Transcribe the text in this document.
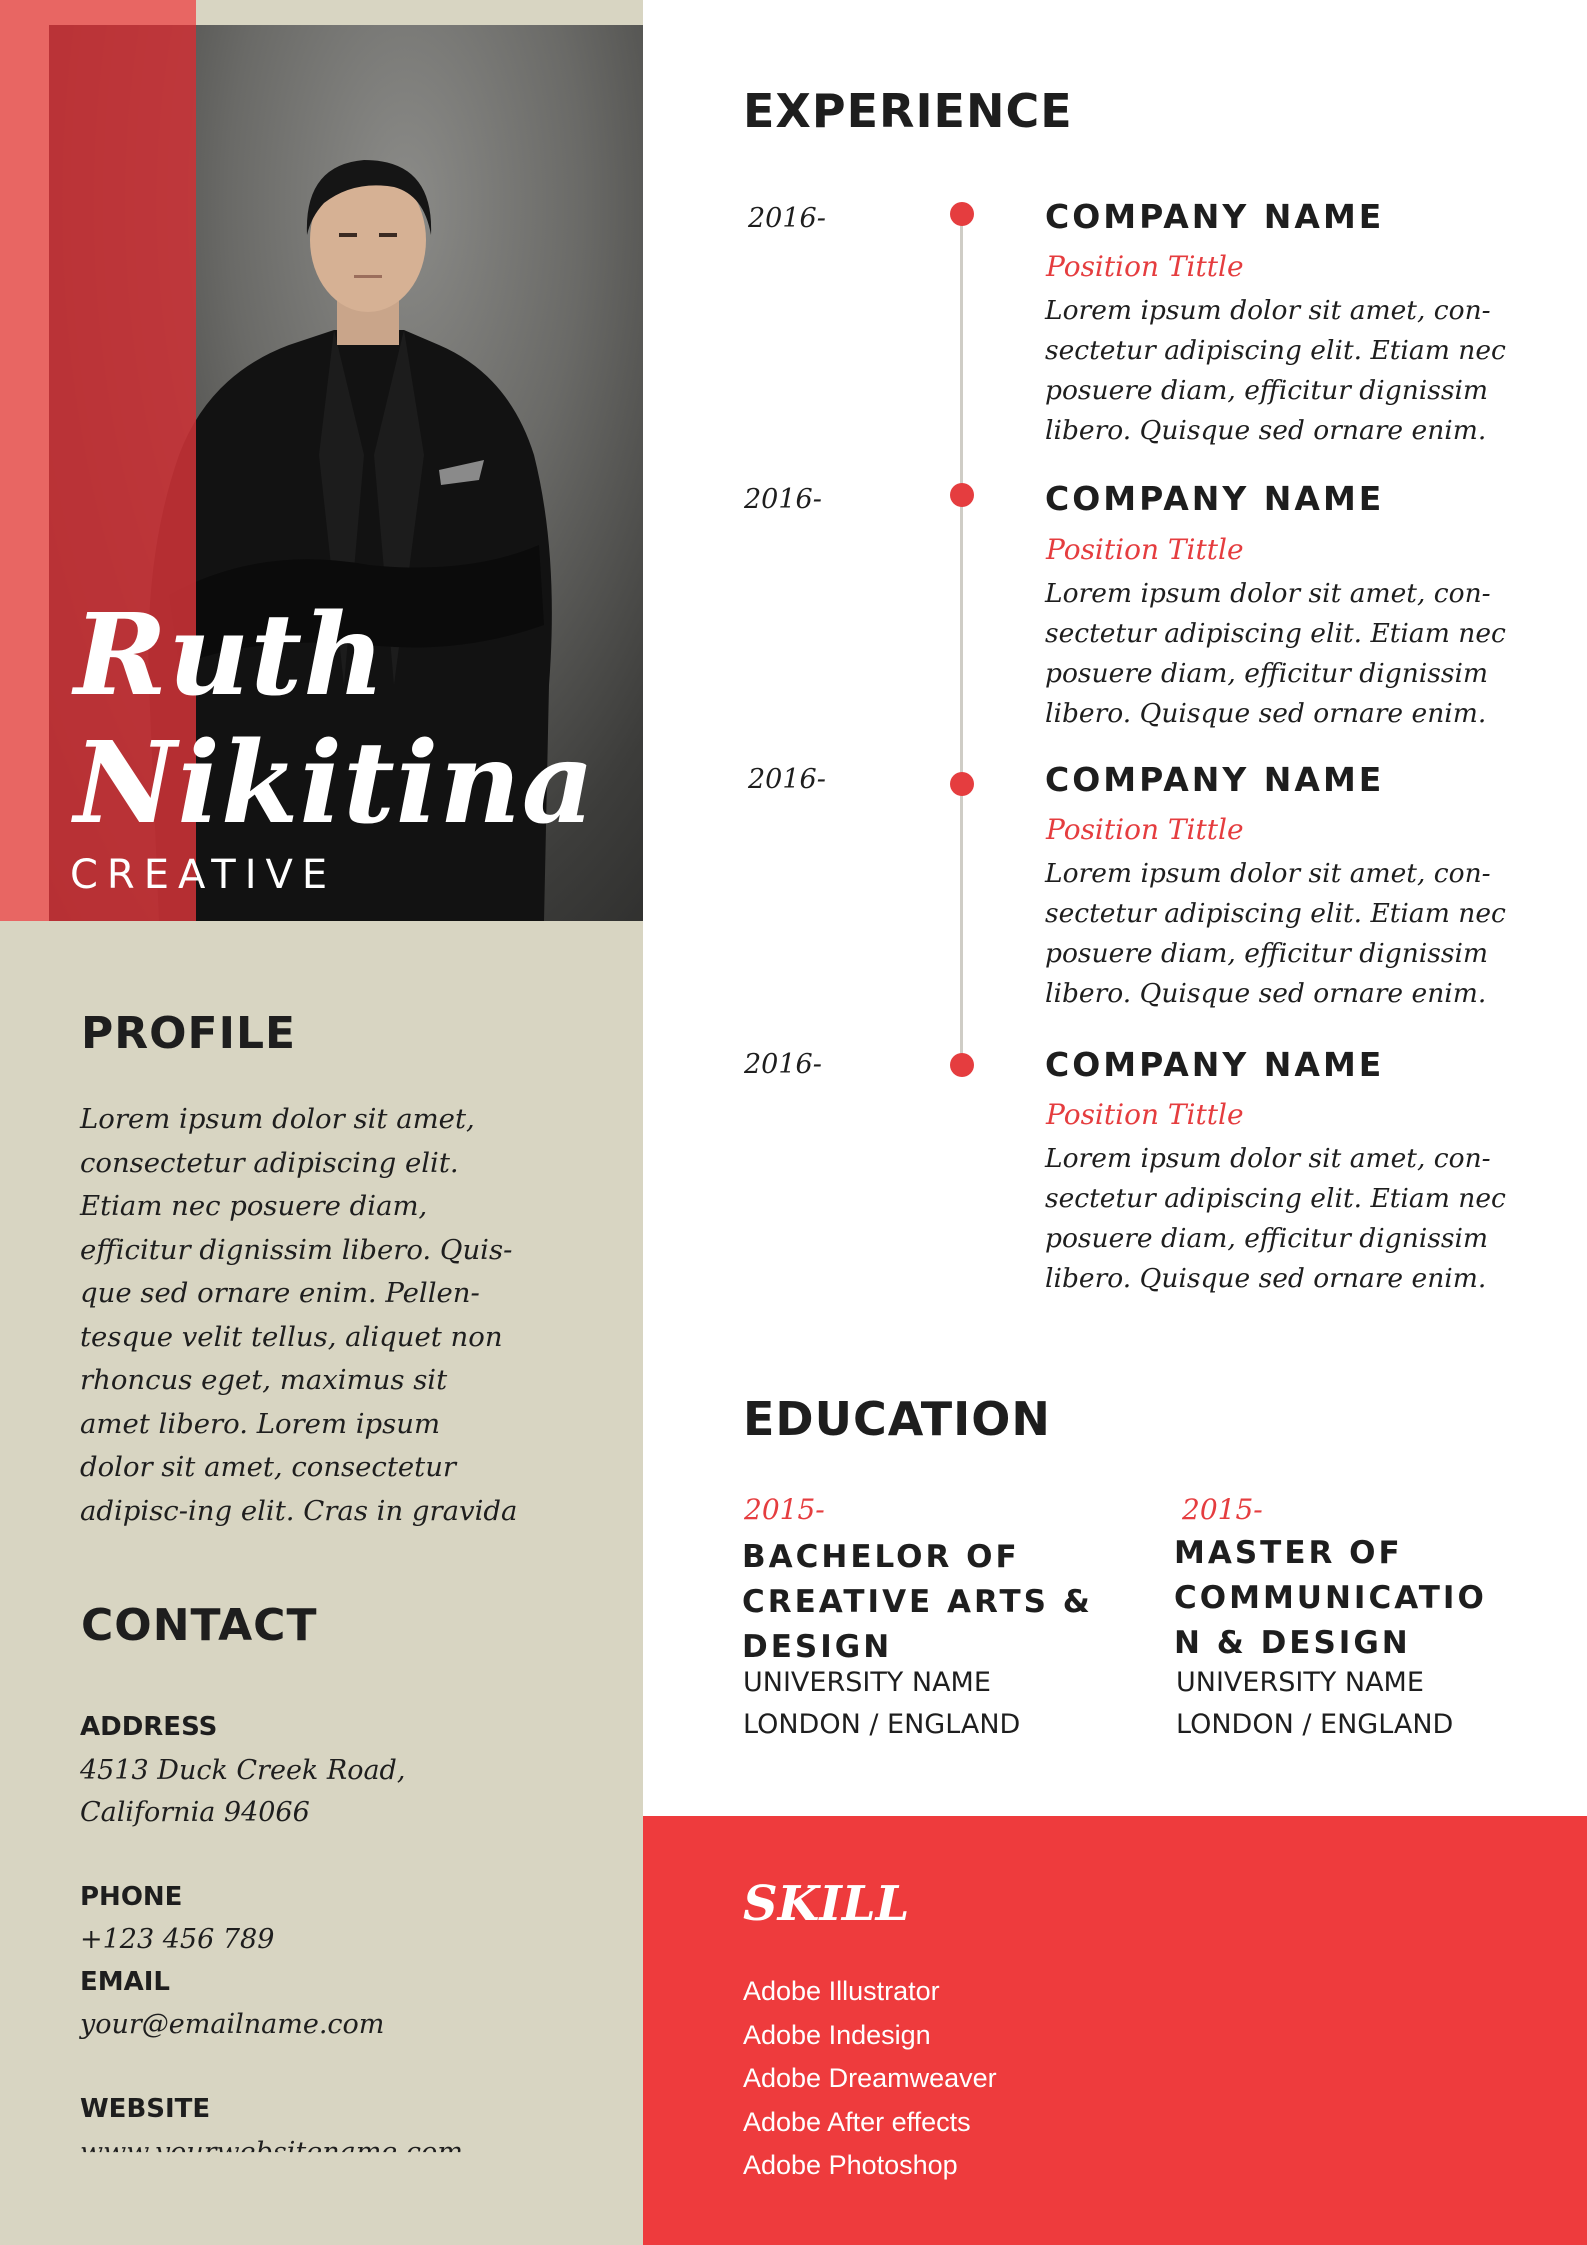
Ruth
Nikitina
CREATIVE
PROFILE
Lorem ipsum dolor sit amet,
consectetur adipiscing elit.
Etiam nec posuere diam,
efficitur dignissim libero. Quis-
que sed ornare enim. Pellen-
tesque velit tellus, aliquet non
rhoncus eget, maximus sit
amet libero. Lorem ipsum
dolor sit amet, consectetur
adipisc-ing elit. Cras in gravida
CONTACT
ADDRESS
4513 Duck Creek Road,
California 94066
PHONE
+123 456 789
EMAIL
your@emailname.com
WEBSITE
EXPERIENCE
2016-	COMPANY NAME
Position Tittle
Lorem ipsum dolor sit amet, con-
sectetur adipiscing elit. Etiam nec
posuere diam, efficitur dignissim
libero. Quisque sed ornare enim.
2016-	COMPANY NAME
Position Tittle
Lorem ipsum dolor sit amet, con-
sectetur adipiscing elit. Etiam nec
posuere diam, efficitur dignissim
libero. Quisque sed ornare enim.
2016-	COMPANY NAME
Position Tittle
Lorem ipsum dolor sit amet, con-
sectetur adipiscing elit. Etiam nec
posuere diam, efficitur dignissim
libero. Quisque sed ornare enim.
2016-	COMPANY NAME
Position Tittle
Lorem ipsum dolor sit amet, con-
sectetur adipiscing elit. Etiam nec
posuere diam, efficitur dignissim
libero. Quisque sed ornare enim.
EDUCATION
2015-
BACHELOR OF
CREATIVE ARTS &
DESIGN
UNIVERSITY NAME
LONDON / ENGLAND
2015-
MASTER OF
COMMUNICATIO
N & DESIGN
UNIVERSITY NAME
LONDON / ENGLAND
SKILL
Adobe Illustrator
Adobe Indesign
Adobe Dreamweaver
Adobe After effects
Adobe Photoshop
